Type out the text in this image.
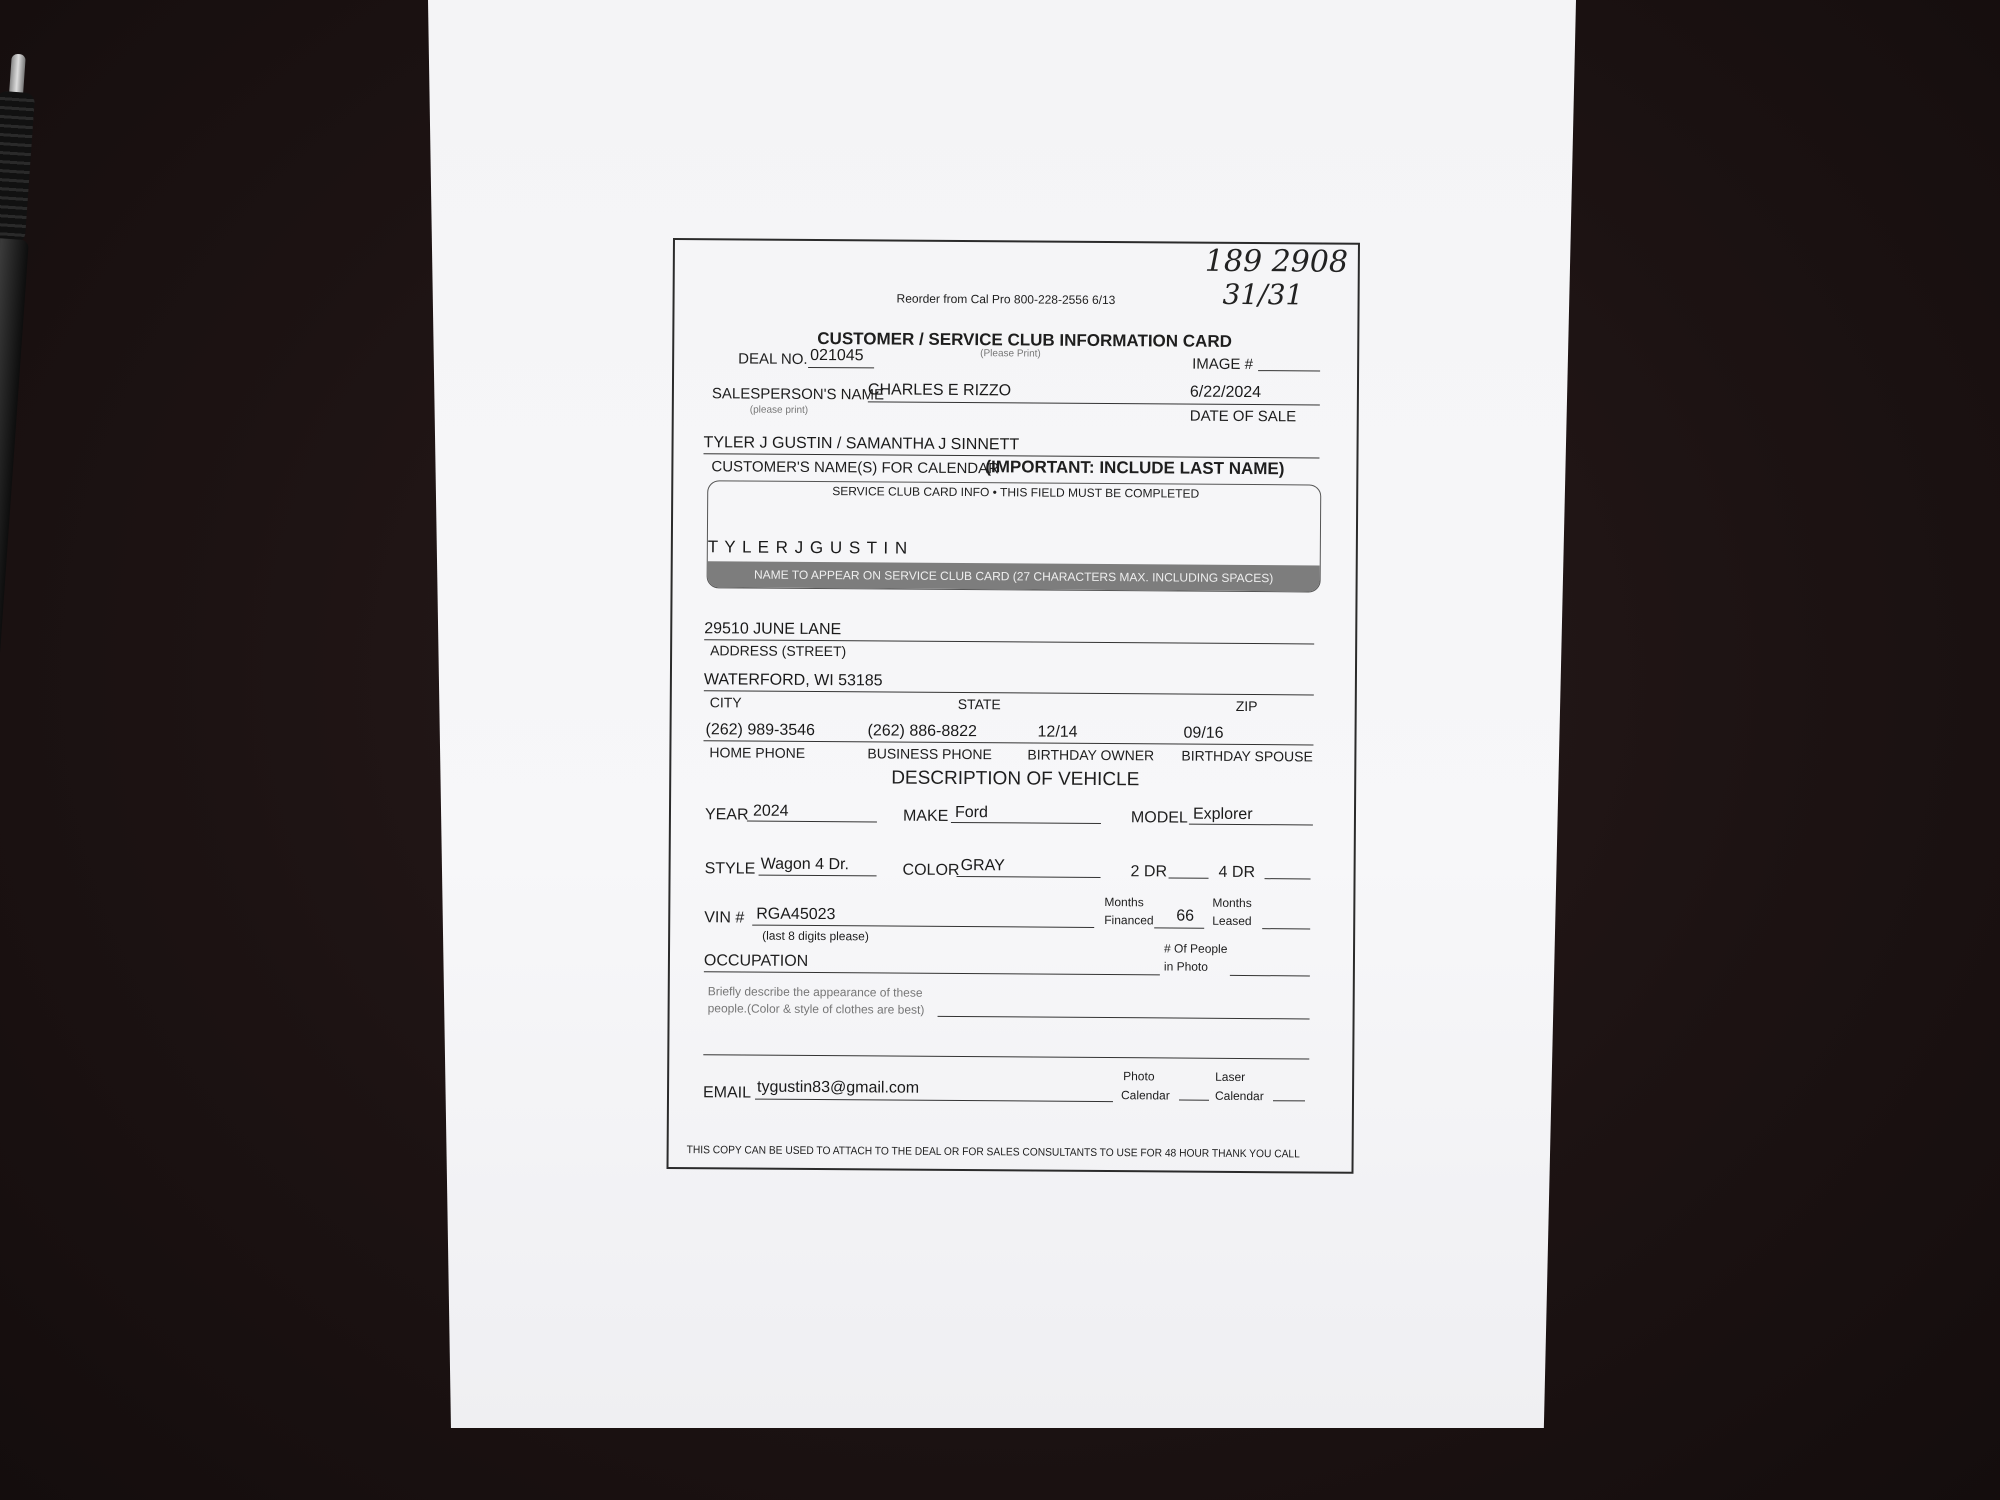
189 2908
31/31
Reorder from Cal Pro 800-228-2556 6/13
CUSTOMER / SERVICE CLUB INFORMATION CARD
DEAL NO. 021045	(Please Print)
IMAGE #
SALESPERSON'S NAME
CHARLES E RIZZO
(please print)
6/22/2024
DATE OF SALE
TYLER J GUSTIN / SAMANTHA J SINNETT
CUSTOMER'S NAME(S) FOR CALENDAR
(IMPORTANT: INCLUDE LAST NAME)
SERVICE CLUB CARD INFO • THIS FIELD MUST BE COMPLETED
T Y L E R J G U S T I N
NAME TO APPEAR ON SERVICE CLUB CARD (27 CHARACTERS MAX. INCLUDING SPACES)
29510 JUNE LANE
ADDRESS (STREET)
WATERFORD, WI 53185
CITY	STATE	ZIP
(262) 989-3546	(262) 886-8822	12/14	09/16
HOME PHONE	BUSINESS PHONE	BIRTHDAY OWNER BIRTHDAY SPOUSE
DESCRIPTION OF VEHICLE
YEAR 2024	MAKE Ford	MODEL Explorer
STYLE Wagon 4 Dr.	COLOR GRAY	2 DR	4 DR
VIN # RGA45023
(last 8 digits please)
Months
Financed 66
Months
Leased
OCCUPATION
# Of People
in Photo
Briefly describe the appearance of these
people.(Color & style of clothes are best)
EMAIL tygustin83@gmail.com
Photo
Calendar
Laser
Calendar
THIS COPY CAN BE USED TO ATTACH TO THE DEAL OR FOR SALES CONSULTANTS TO USE FOR 48 HOUR THANK YOU CALL
